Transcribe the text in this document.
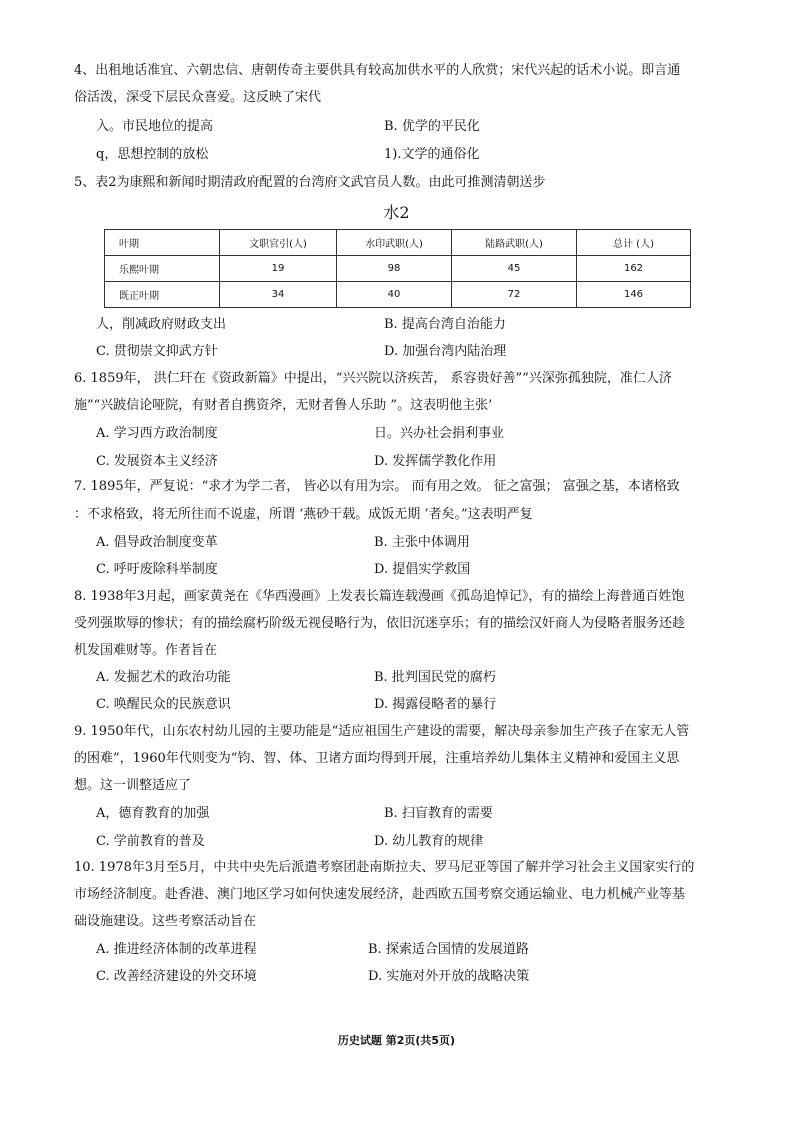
4、出租地话准宜、六朝忠信、唐朝传奇主要供具有较高加供水平的人欣赏；宋代兴起的话术小说。即言通
俗活泼，深受下层民众喜爱。这反映了宋代
入。市民地位的提高	B. 优学的平民化
q，思想控制的放松	1).文学的通俗化
5、表2为康熙和新闻时期清政府配置的台湾府文武官员人数。由此可推测清朝送步
水2
叶期	文职官引(人)	水印武职(人)	陆路武职(人)	总计 (人)
乐熙叶期	19	98	45	162
既正叶期	34	40	72	146
人，削减政府财政支出	B. 提高台湾自治能力
C. 贯彻崇文抑武方针	D. 加强台湾内陆治理
6. 1859年， 洪仁玕在《资政新篇》中提出，“兴兴院以济疾苦， 系容贵好善”“兴深弥孤独院，准仁人济
施”“兴跛信论哑院，有财者自携资斧，无财者鲁人乐助 ”。这表明他主张’
A. 学习西方政治制度	日。兴办社会捐利事业
C. 发展资本主义经济	D. 发挥儒学教化作用
7. 1895年，严复说：“求才为学二者， 皆必以有用为宗。 而有用之效。 征之富强； 富强之基，本诸格致
：不求格致，将无所往而不说虚，所谓 ‘燕砂干载。成饭无期 ’者矣。”这表明严复
A. 倡导政治制度变革	B. 主张中体调用
C. 呼吁废除科举制度	D. 提倡实学救国
8. 1938年3月起，画家黄尧在《华西漫画》上发表长篇连载漫画《孤岛追悼记》，有的描绘上海普通百姓饱
受列强欺辱的惨状；有的描绘腐朽阶级无视侵略行为，依旧沉迷享乐；有的描绘汉奸商人为侵略者服务还趁
机发国难财等。作者旨在
A. 发掘艺术的政治功能	B. 批判国民党的腐朽
C. 唤醒民众的民族意识	D. 揭露侵略者的暴行
9. 1950年代，山东农村幼儿园的主要功能是“适应祖国生产建设的需要，解决母亲参加生产孩子在家无人管
的困难”，1960年代则变为“钧、智、体、卫诸方面均得到开展，注重培养幼儿集体主义精神和爱国主义思
想。这一训整适应了
A，德育教育的加强	B. 扫盲教育的需要
C. 学前教育的普及	D. 幼儿教育的规律
10. 1978年3月至5月，中共中央先后派遣考察团赴南斯拉夫、罗马尼亚等国了解并学习社会主义国家实行的
市场经济制度。赴香港、澳门地区学习如何快速发展经济，赴西欧五国考察交通运输业、电力机械产业等基
础设施建设。这些考察活动旨在
A. 推进经济体制的改革进程	B. 探索适合国情的发展道路
C. 改善经济建设的外交环境	D. 实施对外开放的战略决策
历史试题 第2页(共5页)
